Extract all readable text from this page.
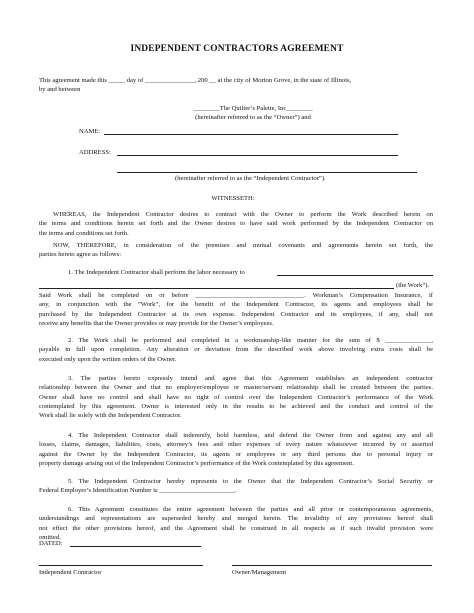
INDEPENDENT CONTRACTORS AGREEMENT
This agreement made this _____ day of _______________, 200 __ at the city of Morton Grove, in the state of Illinois,
by and between
________The Quilter’s Palette, Inc________
(hereinafter referred to as the “Owner”) and
NAME:
ADDRESS:
(hereinafter referred to as the “Independent Contractor”).
WITNESSETH:
WHEREAS, the Independent Contractor desires to contract with the Owner to perform the Work described herein on
the terms and conditions herein set forth and the Owner desires to have said work performed by the Independent Contractor on
the terms and conditions set forth.
NOW, THEREFORE, in consideration of the premises and mutual covenants and agreements herein set forth, the
parties hereto agree as follows:
1. The Independent Contractor shall perform the labor necessary to
(the Work”).
Said Work shall be completed on or before _________________________________. Workman’s Compensation Insurance, if
any, in conjunction with the “Work”, for the benefit of the Independent Contractor, its agents and employees shall be
purchased by the Independent Contractor at its own expense. Independent Contractor and its employees, if any, shall not
receive any benefits that the Owner provides or may provide for the Owner’s employees.
2. The Work shall be performed and completed in a workmanship-like manner for the sum of $ ______________,
payable in full upon completion. Any alteration or deviation from the described work above involving extra costs shall be
executed only upon the written orders of the Owner.
3. The parties hereto expressly intend and agree that this Agreement establishes an independent contractor
relationship between the Owner and that no employer/employee or master/servant relationship shall be created between the parties.
Owner shall have no control and shall have no right of control over the Independent Contractor’s performance of the Work
contemplated by this agreement. Owner is interested only in the results to be achieved and the conduct and control of the
Work shall lie solely with the Independent Contractor.
4. The Independent Contractor shall indemnify, hold harmless, and defend the Owner from and against any and all
losses, claims, damages, liabilities, costs, attorney’s fees and other expenses of every nature whatsoever incurred by or asserted
against the Owner by the Independent Contractor, its agents or employees or any third persons due to personal injury or
property damage arising out of the Independent Contractor’s performance of the Work contemplated by this agreement.
5. The Independent Contractor hereby represents to the Owner that the Independent Contractor’s Social Security or
Federal Employer’s Identification Number is _______________________.
6. This Agreement constitutes the entire agreement between the parties and all prior or contemporaneous agreements,
understandings and representations are superseded hereby and merged herein. The invalidity of any provisions hereof shall
not effect the other provisions hereof, and the Agreement shall be construed in all respects as if such invalid provision were
omitted.
DATED:
Independent Contractor	Owner/Management
